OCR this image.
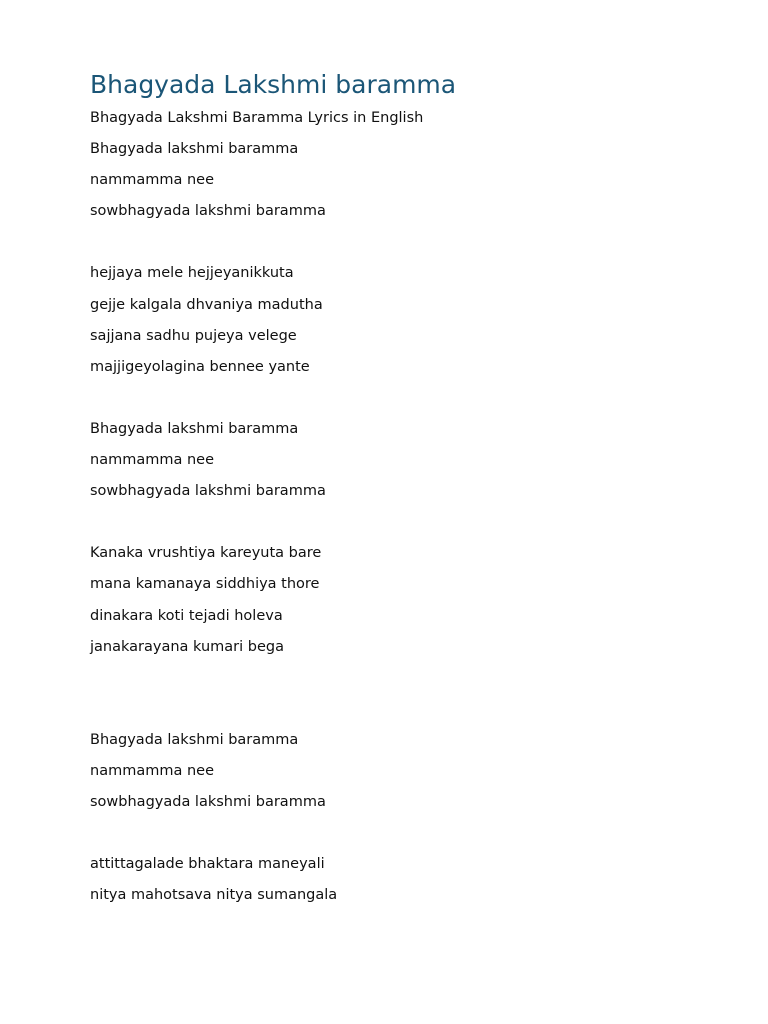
Bhagyada Lakshmi baramma
Bhagyada Lakshmi Baramma Lyrics in English
Bhagyada lakshmi baramma
nammamma nee
sowbhagyada lakshmi baramma
hejjaya mele hejjeyanikkuta
gejje kalgala dhvaniya madutha
sajjana sadhu pujeya velege
majjigeyolagina bennee yante
Bhagyada lakshmi baramma
nammamma nee
sowbhagyada lakshmi baramma
Kanaka vrushtiya kareyuta bare
mana kamanaya siddhiya thore
dinakara koti tejadi holeva
janakarayana kumari bega
Bhagyada lakshmi baramma
nammamma nee
sowbhagyada lakshmi baramma
attittagalade bhaktara maneyali
nitya mahotsava nitya sumangala
